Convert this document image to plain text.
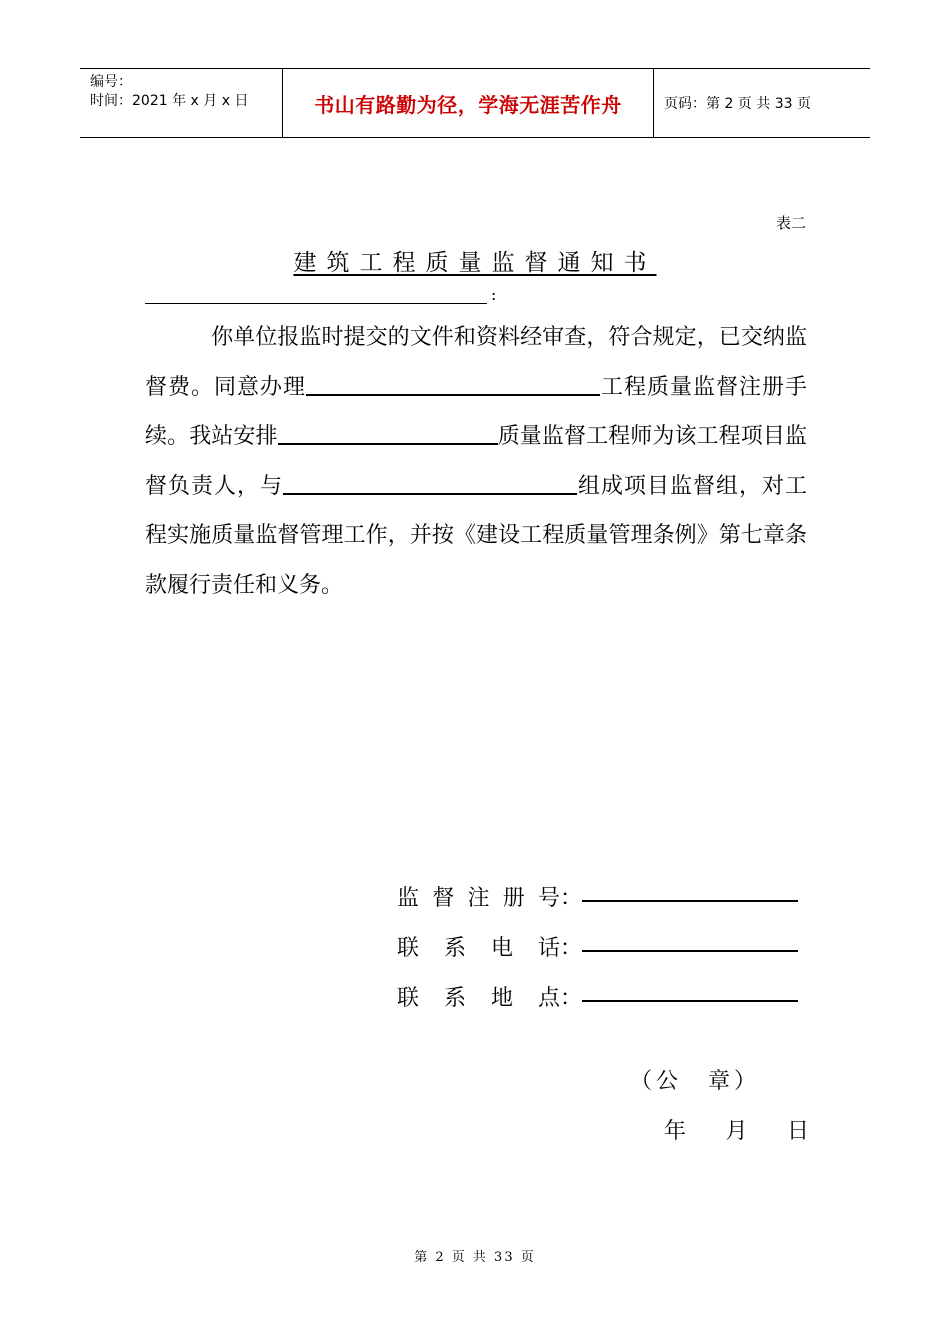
编号：
时间：2021 年 x 月 x 日	书山有路勤为径，学海无涯苦作舟	页码：第 2 页 共 33 页
表二
建筑工程质量监督通知书
:

你单位报监时提交的文件和资料经审查，符合规定，已交纳监督费。同意办理	工程质量监督注册手续。我站安排	质量监督工程师为该工程项目监督负责人，与	组成项目监督组，对工程实施质量监督管理工作，并按《建设工程质量管理条例》第七章条款履行责任和义务。

监 督 注 册 号：
联 系 电 话：
联 系 地 点：
（公　章）
年 月 日
第 2 页 共 33 页
